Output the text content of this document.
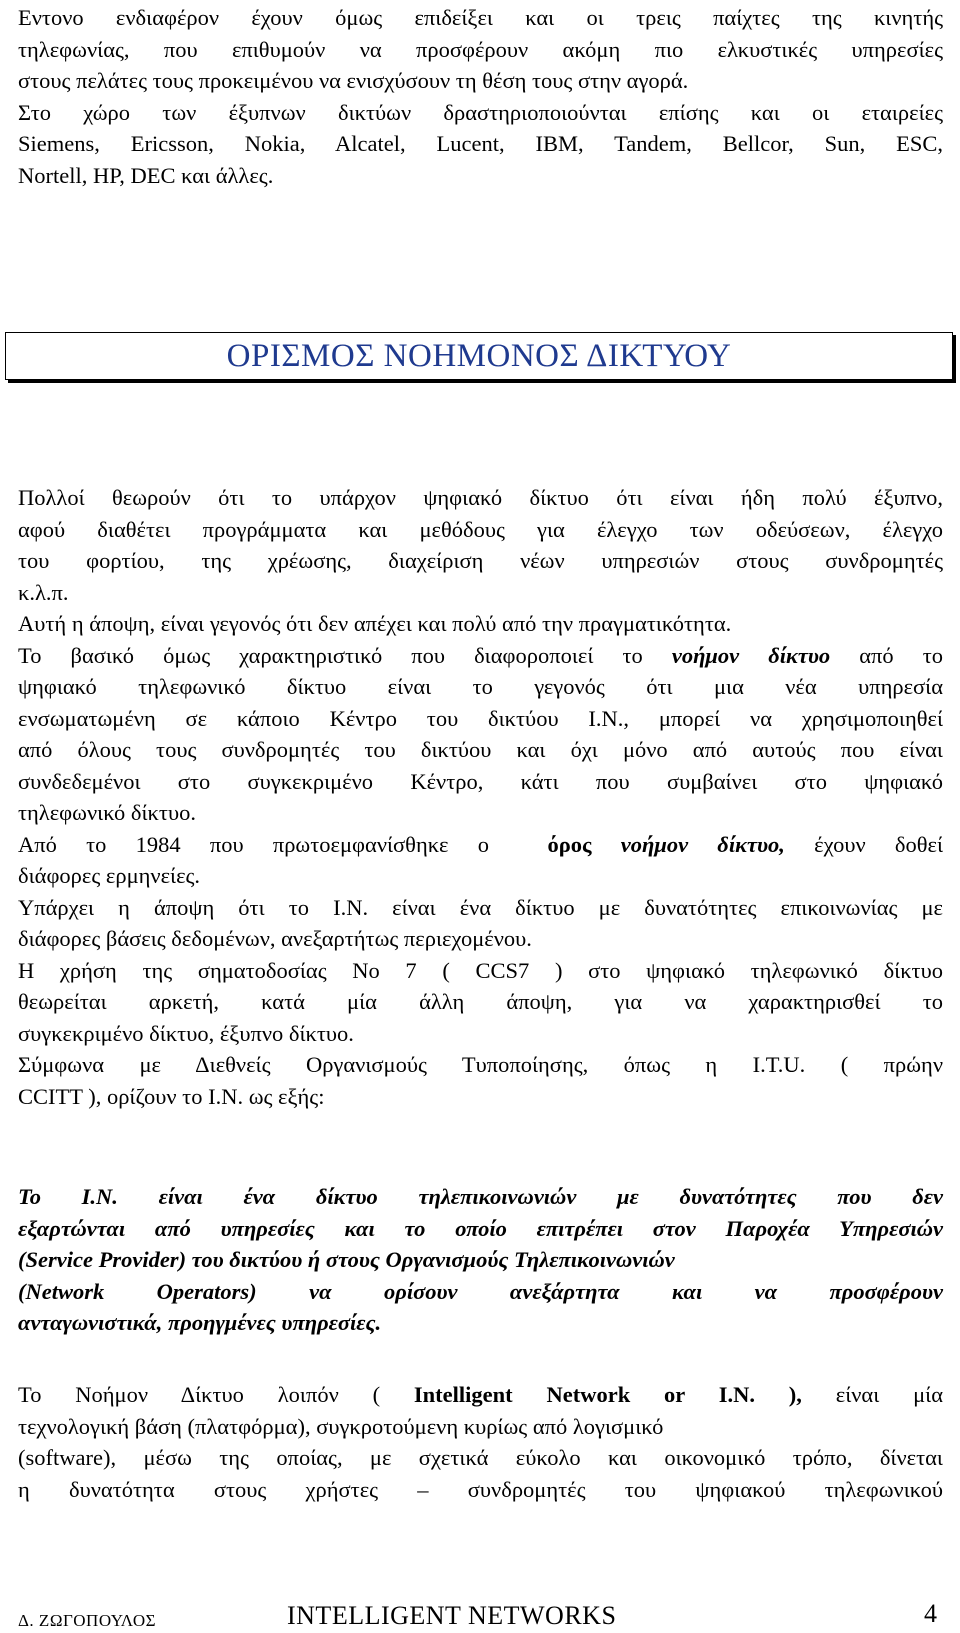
Εντονο ενδιαφέρον έχουν όμως επιδείξει και οι τρεις παίχτες της κινητής
τηλεφωνίας, που επιθυμούν να προσφέρουν ακόμη πιο ελκυστικές υπηρεσίες
στους πελάτες τους προκειμένου να ενισχύσουν τη θέση τους στην αγορά.
Στο χώρο των έξυπνων δικτύων δραστηριοποιούνται επίσης και οι εταιρείες
Siemens, Ericsson, Nokia, Alcatel, Lucent, IBM, Tandem, Bellcor, Sun, ESC,
Nortell, HP, DEC και άλλες.

ΟΡΙΣΜΟΣ ΝΟΗΜΟΝΟΣ ΔΙΚΤΥΟΥ

Πολλοί θεωρούν ότι το υπάρχον ψηφιακό δίκτυο ότι είναι ήδη πολύ έξυπνο,
αφού διαθέτει προγράμματα και μεθόδους για έλεγχο των οδεύσεων, έλεγχο
του φορτίου, της χρέωσης, διαχείριση νέων υπηρεσιών στους συνδρομητές
κ.λ.π.
Αυτή η άποψη, είναι γεγονός ότι δεν απέχει και πολύ από την πραγματικότητα.

Το βασικό όμως χαρακτηριστικό που διαφοροποιεί το νοήμον δίκτυο από το
ψηφιακό τηλεφωνικό δίκτυο είναι το γεγονός ότι μια νέα υπηρεσία
ενσωματωμένη σε κάποιο Κέντρο του δικτύου I.N., μπορεί να χρησιμοποιηθεί
από όλους τους συνδρομητές του δικτύου και όχι μόνο από αυτούς που είναι
συνδεδεμένοι στο συγκεκριμένο Κέντρο, κάτι που συμβαίνει στο ψηφιακό
τηλεφωνικό δίκτυο.

Από το 1984 που πρωτοεμφανίσθηκε ο	όρος νοήμον δίκτυο, έχουν δοθεί
διάφορες ερμηνείες.

Υπάρχει η άποψη ότι το I.N. είναι ένα δίκτυο με δυνατότητες επικοινωνίας με
διάφορες βάσεις δεδομένων, ανεξαρτήτως περιεχομένου.

Η χρήση της σηματοδοσίας No 7 ( CCS7 ) στο ψηφιακό τηλεφωνικό δίκτυο
θεωρείται αρκετή, κατά μία άλλη άποψη, για να χαρακτηρισθεί το
συγκεκριμένο δίκτυο, έξυπνο δίκτυο.

Σύμφωνα με Διεθνείς Οργανισμούς Τυποποίησης, όπως η I.T.U. ( πρώην
CCITT ), ορίζουν το I.N. ως εξής:

Το I.N. είναι ένα δίκτυο τηλεπικοινωνιών με δυνατότητες που δεν
εξαρτώνται από υπηρεσίες και το οποίο επιτρέπει στον Παροχέα Υπηρεσιών
(Service Provider) του δικτύου ή στους Οργανισμούς Τηλεπικοινωνιών
(Network Operators) να ορίσουν ανεξάρτητα και να προσφέρουν
ανταγωνιστικά, προηγμένες υπηρεσίες.

Το Νοήμον Δίκτυο λοιπόν ( Intelligent Network or I.N. ), είναι μία
τεχνολογική βάση (πλατφόρμα), συγκροτούμενη κυρίως από λογισμικό
(software), μέσω της οποίας, με σχετικά εύκολο και οικονομικό τρόπο, δίνεται
η δυνατότητα στους χρήστες – συνδρομητές του ψηφιακού τηλεφωνικού

Δ. ΖΩΓΟΠΟΥΛΟΣ	INTELLIGENT NETWORKS	4
